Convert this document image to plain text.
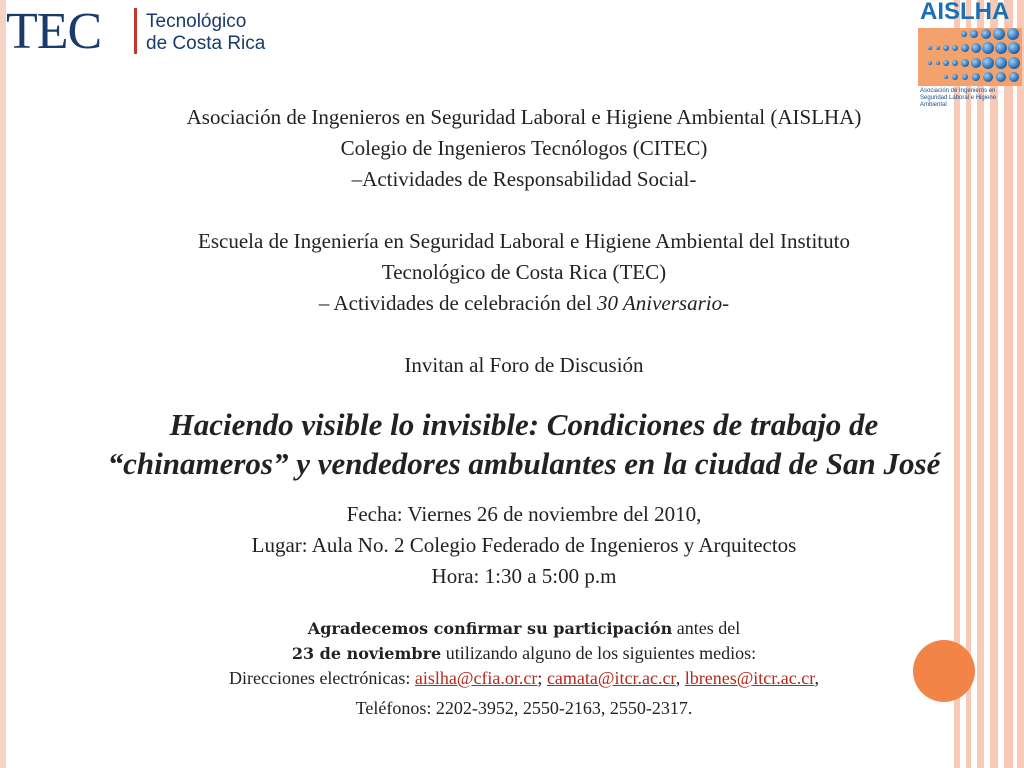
TEC Tecnológico
de Costa Rica
AISLHA
Asociación de Ingenieros en Seguridad Laboral e Higiene Ambiental
Asociación de Ingenieros en Seguridad Laboral e Higiene Ambiental (AISLHA)
Colegio de Ingenieros Tecnólogos (CITEC)
–Actividades de Responsabilidad Social-
Escuela de Ingeniería en Seguridad Laboral e Higiene Ambiental del Instituto
Tecnológico de Costa Rica (TEC)
– Actividades de celebración del 30 Aniversario-
Invitan al Foro de Discusión
Haciendo visible lo invisible: Condiciones de trabajo de
“chinameros” y vendedores ambulantes en la ciudad de San José
Fecha: Viernes 26 de noviembre del 2010,
Lugar: Aula No. 2 Colegio Federado de Ingenieros y Arquitectos
Hora: 1:30 a 5:00 p.m
Agradecemos confirmar su participación antes del
23 de noviembre utilizando alguno de los siguientes medios:
Direcciones electrónicas: aislha@cfia.or.cr; camata@itcr.ac.cr, lbrenes@itcr.ac.cr,
Teléfonos: 2202-3952, 2550-2163, 2550-2317.
